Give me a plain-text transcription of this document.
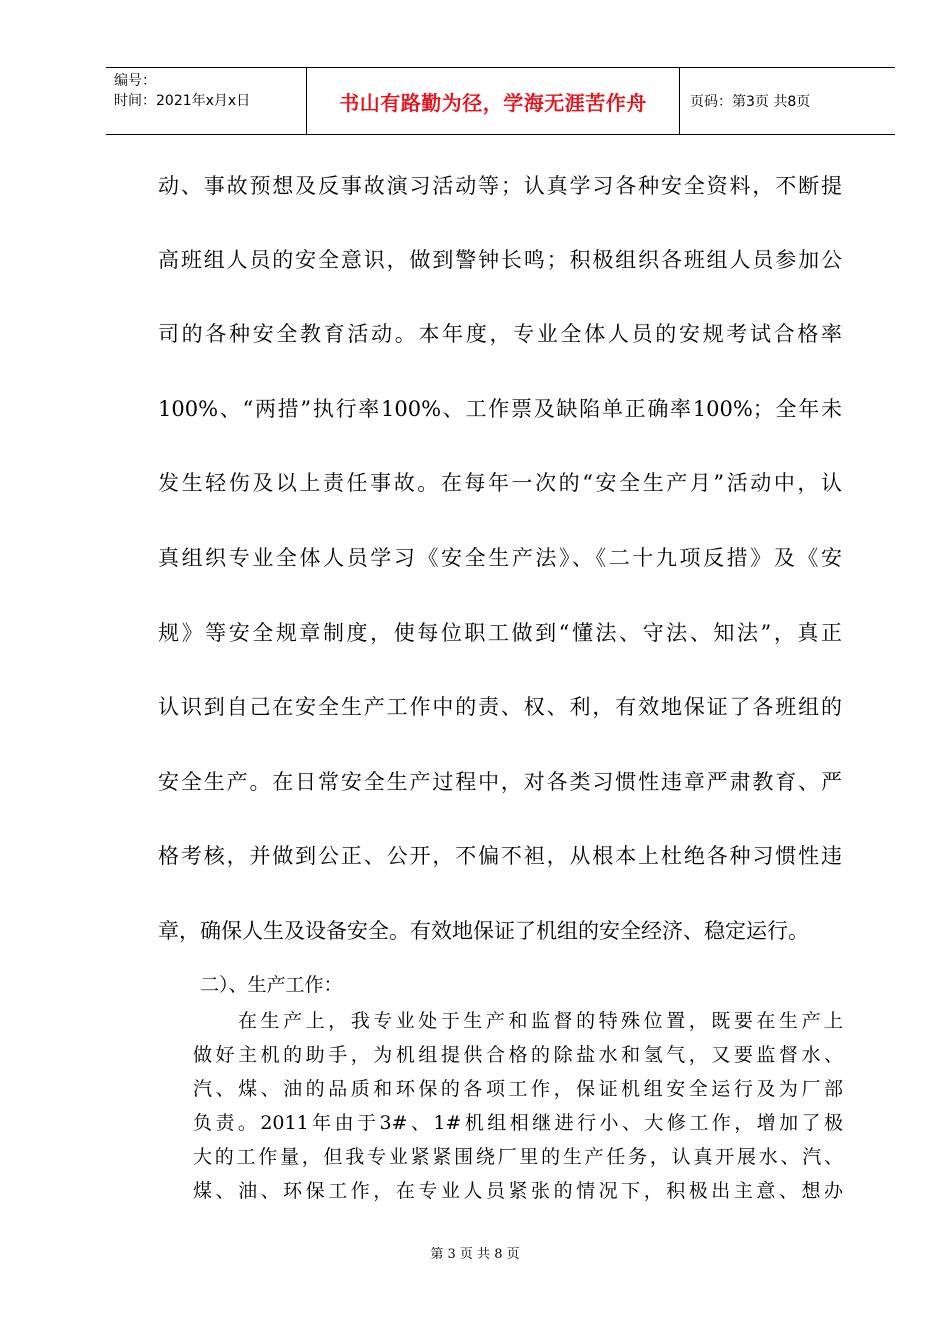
编号：
时间：2021年x月x日	书山有路勤为径，学海无涯苦作舟	页码：第3页 共8页
动、事故预想及反事故演习活动等；认真学习各种安全资料，不断提
高班组人员的安全意识，做到警钟长鸣；积极组织各班组人员参加公
司的各种安全教育活动。本年度，专业全体人员的安规考试合格率
100%、“两措”执行率100%、工作票及缺陷单正确率100%；全年未
发生轻伤及以上责任事故。在每年一次的“安全生产月”活动中，认
真组织专业全体人员学习《安全生产法》、《二十九项反措》及《安
规》等安全规章制度，使每位职工做到“懂法、守法、知法”，真正
认识到自己在安全生产工作中的责、权、利，有效地保证了各班组的
安全生产。在日常安全生产过程中，对各类习惯性违章严肃教育、严
格考核，并做到公正、公开，不偏不袒，从根本上杜绝各种习惯性违
章，确保人生及设备安全。有效地保证了机组的安全经济、稳定运行。
二）、生产工作：
在生产上，我专业处于生产和监督的特殊位置，既要在生产上
做好主机的助手，为机组提供合格的除盐水和氢气，又要监督水、
汽、煤、油的品质和环保的各项工作，保证机组安全运行及为厂部
负责。2011年由于3#、1#机组相继进行小、大修工作，增加了极
大的工作量，但我专业紧紧围绕厂里的生产任务，认真开展水、汽、
煤、油、环保工作，在专业人员紧张的情况下，积极出主意、想办
第 3 页 共 8 页
